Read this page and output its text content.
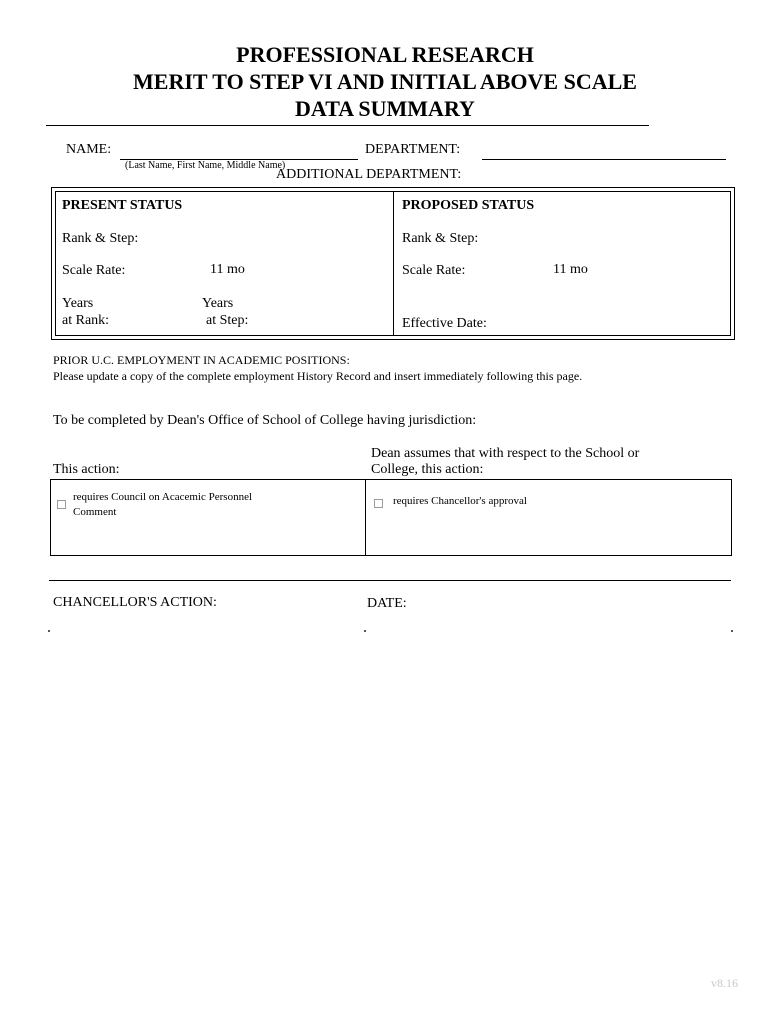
PROFESSIONAL RESEARCH
MERIT TO STEP VI AND INITIAL ABOVE SCALE
DATA SUMMARY
NAME:
(Last Name, First Name, Middle Name)
DEPARTMENT:
ADDITIONAL DEPARTMENT:
PRESENT STATUS
Rank & Step:
Scale Rate:	11 mo
Years
at Rank:
Years
at Step:
PROPOSED STATUS
Rank & Step:
Scale Rate:	11 mo
Effective Date:
PRIOR U.C. EMPLOYMENT IN ACADEMIC POSITIONS:
Please update a copy of the complete employment History Record and insert immediately following this page.
To be completed by Dean's Office of School of College having jurisdiction:
This action:
Dean assumes that with respect to the School or
College, this action:
requires Council on Acacemic Personnel
Comment
requires Chancellor's approval
CHANCELLOR'S ACTION:	DATE:
v8.16
